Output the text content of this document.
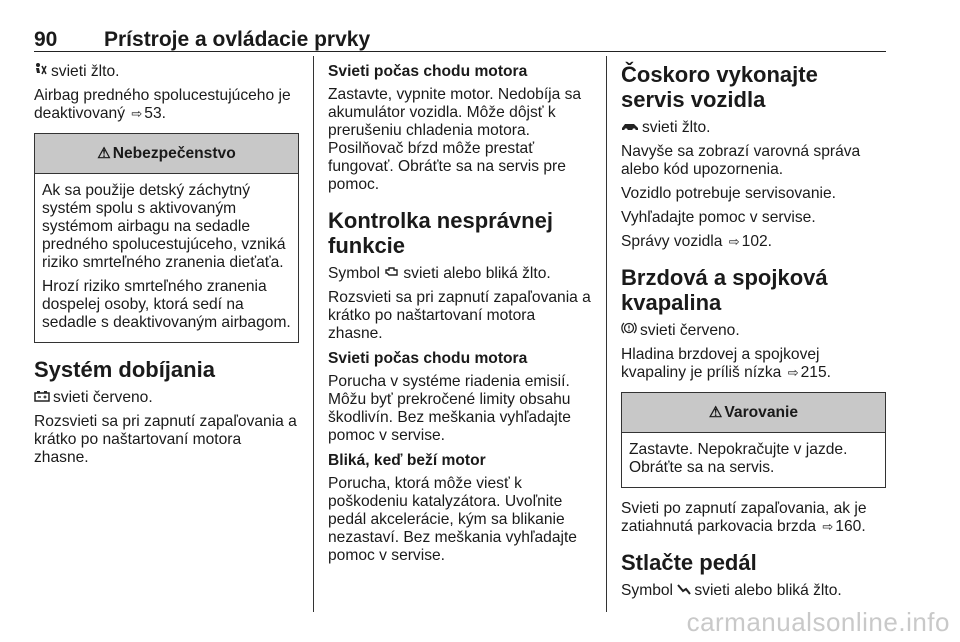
90 Prístroje a ovládacie prvky

svieti žlto.

Airbag predného spolucestujúceho je deaktivovaný ⇨ 53.

⚠ Nebezpečenstvo

Ak sa použije detský záchytný systém spolu s aktivovaným systémom airbagu na sedadle predného spolucestujúceho, vzniká riziko smrteľného zranenia dieťaťa.

Hrozí riziko smrteľného zranenia dospelej osoby, ktorá sedí na sedadle s deaktivovaným airbagom.

Systém dobíjania

svieti červeno.

Rozsvieti sa pri zapnutí zapaľovania a krátko po naštartovaní motora zhasne.

Svieti počas chodu motora

Zastavte, vypnite motor. Nedobíja sa akumulátor vozidla. Môže dôjsť k prerušeniu chladenia motora. Posilňovač bŕzd môže prestať fungovať. Obráťte sa na servis pre pomoc.

Kontrolka nesprávnej funkcie

Symbol svieti alebo bliká žlto.

Rozsvieti sa pri zapnutí zapaľovania a krátko po naštartovaní motora zhasne.

Svieti počas chodu motora

Porucha v systéme riadenia emisií. Môžu byť prekročené limity obsahu škodlivín. Bez meškania vyhľadajte pomoc v servise.

Bliká, keď beží motor

Porucha, ktorá môže viesť k poškodeniu katalyzátora. Uvoľnite pedál akcelerácie, kým sa blikanie nezastaví. Bez meškania vyhľadajte pomoc v servise.

Čoskoro vykonajte servis vozidla

svieti žlto.

Navyše sa zobrazí varovná správa alebo kód upozornenia.

Vozidlo potrebuje servisovanie.

Vyhľadajte pomoc v servise.

Správy vozidla ⇨ 102.

Brzdová a spojková kvapalina

svieti červeno.

Hladina brzdovej a spojkovej kvapaliny je príliš nízka ⇨ 215.

⚠ Varovanie

Zastavte. Nepokračujte v jazde. Obráťte sa na servis.

Svieti po zapnutí zapaľovania, ak je zatiahnutá parkovacia brzda ⇨ 160.

Stlačte pedál

Symbol svieti alebo bliká žlto.

carmanualsonline.info
